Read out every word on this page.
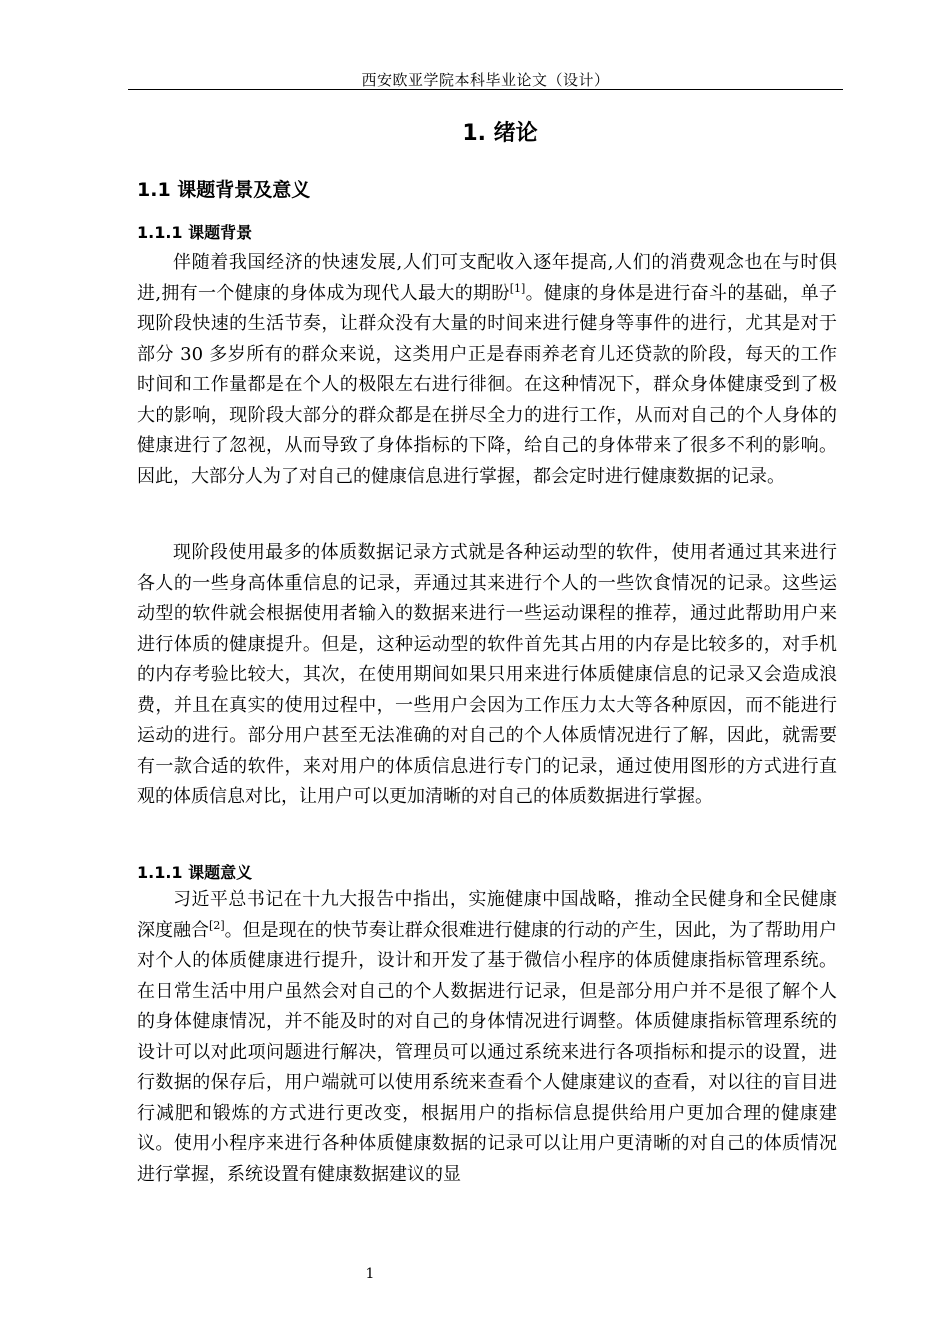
西安欧亚学院本科毕业论文（设计）
1. 绪论
1.1 课题背景及意义
1.1.1 课题背景

伴随着我国经济的快速发展,人们可支配收入逐年提高,人们的消费观念也在与时俱进,拥有一个健康的身体成为现代人最大的期盼[1]。健康的身体是进行奋斗的基础，单子现阶段快速的生活节奏，让群众没有大量的时间来进行健身等事件的进行，尤其是对于部分 30 多岁所有的群众来说，这类用户正是春雨养老育儿还贷款的阶段，每天的工作时间和工作量都是在个人的极限左右进行徘徊。在这种情况下，群众身体健康受到了极大的影响，现阶段大部分的群众都是在拼尽全力的进行工作，从而对自己的个人身体的健康进行了忽视，从而导致了身体指标的下降，给自己的身体带来了很多不利的影响。因此，大部分人为了对自己的健康信息进行掌握，都会定时进行健康数据的记录。

现阶段使用最多的体质数据记录方式就是各种运动型的软件，使用者通过其来进行各人的一些身高体重信息的记录，弄通过其来进行个人的一些饮食情况的记录。这些运动型的软件就会根据使用者输入的数据来进行一些运动课程的推荐，通过此帮助用户来进行体质的健康提升。但是，这种运动型的软件首先其占用的内存是比较多的，对手机的内存考验比较大，其次，在使用期间如果只用来进行体质健康信息的记录又会造成浪费，并且在真实的使用过程中，一些用户会因为工作压力太大等各种原因，而不能进行运动的进行。部分用户甚至无法准确的对自己的个人体质情况进行了解，因此，就需要有一款合适的软件，来对用户的体质信息进行专门的记录，通过使用图形的方式进行直观的体质信息对比，让用户可以更加清晰的对自己的体质数据进行掌握。

1.1.1 课题意义

习近平总书记在十九大报告中指出，实施健康中国战略，推动全民健身和全民健康深度融合[2]。但是现在的快节奏让群众很难进行健康的行动的产生，因此，为了帮助用户对个人的体质健康进行提升，设计和开发了基于微信小程序的体质健康指标管理系统。在日常生活中用户虽然会对自己的个人数据进行记录，但是部分用户并不是很了解个人的身体健康情况，并不能及时的对自己的身体情况进行调整。体质健康指标管理系统的设计可以对此项问题进行解决，管理员可以通过系统来进行各项指标和提示的设置，进行数据的保存后，用户端就可以使用系统来查看个人健康建议的查看，对以往的盲目进行减肥和锻炼的方式进行更改变，根据用户的指标信息提供给用户更加合理的健康建议。使用小程序来进行各种体质健康数据的记录可以让用户更清晰的对自己的体质情况进行掌握，系统设置有健康数据建议的显

1
